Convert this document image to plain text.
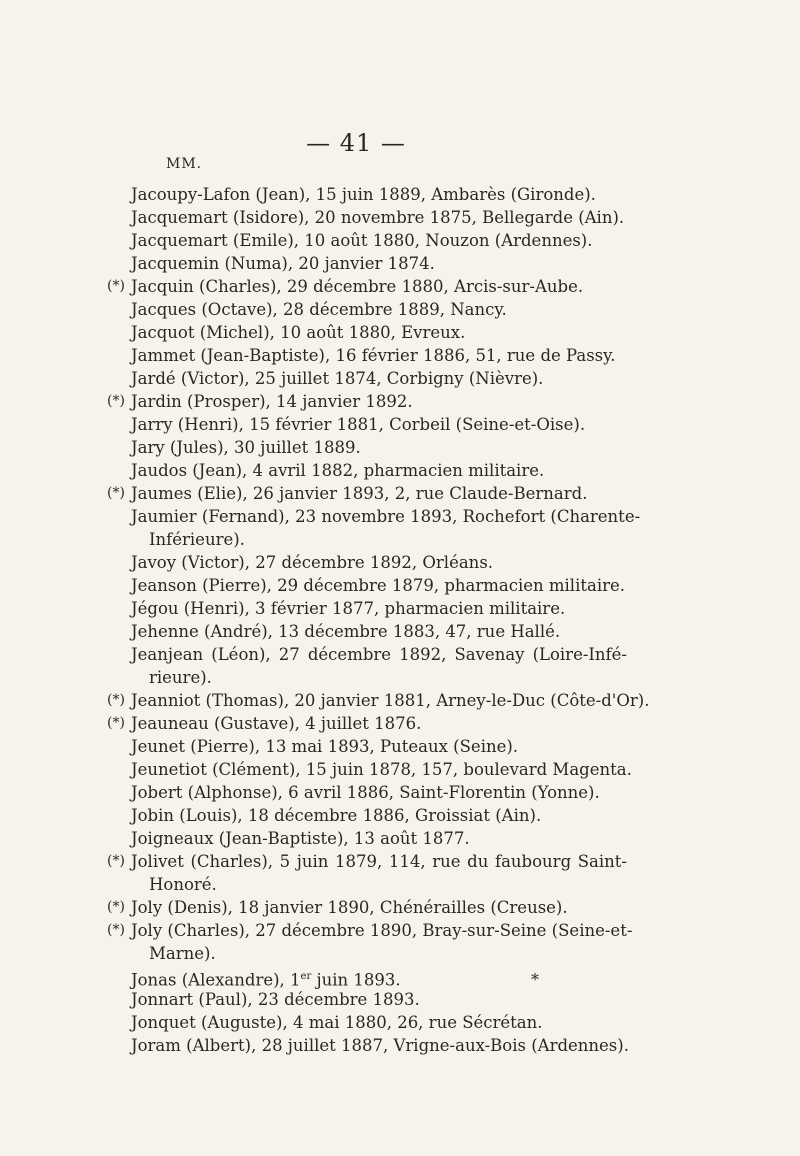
— 41 —
MM.
Jacoupy-Lafon (Jean), 15 juin 1889, Ambarès (Gironde).
Jacquemart (Isidore), 20 novembre 1875, Bellegarde (Ain).
Jacquemart (Emile), 10 août 1880, Nouzon (Ardennes).
Jacquemin (Numa), 20 janvier 1874.
(*) Jacquin (Charles), 29 décembre 1880, Arcis-sur-Aube.
Jacques (Octave), 28 décembre 1889, Nancy.
Jacquot (Michel), 10 août 1880, Evreux.
Jammet (Jean-Baptiste), 16 février 1886, 51, rue de Passy.
Jardé (Victor), 25 juillet 1874, Corbigny (Nièvre).
(*) Jardin (Prosper), 14 janvier 1892.
Jarry (Henri), 15 février 1881, Corbeil (Seine-et-Oise).
Jary (Jules), 30 juillet 1889.
Jaudos (Jean), 4 avril 1882, pharmacien militaire.
(*) Jaumes (Elie), 26 janvier 1893, 2, rue Claude-Bernard.
Jaumier (Fernand), 23 novembre 1893, Rochefort (Charente-
Inférieure).
Javoy (Victor), 27 décembre 1892, Orléans.
Jeanson (Pierre), 29 décembre 1879, pharmacien militaire.
Jégou (Henri), 3 février 1877, pharmacien militaire.
Jehenne (André), 13 décembre 1883, 47, rue Hallé.
Jeanjean (Léon), 27 décembre 1892, Savenay (Loire-Infé-
rieure).
(*) Jeanniot (Thomas), 20 janvier 1881, Arney-le-Duc (Côte-d'Or).
(*) Jeauneau (Gustave), 4 juillet 1876.
Jeunet (Pierre), 13 mai 1893, Puteaux (Seine).
Jeunetiot (Clément), 15 juin 1878, 157, boulevard Magenta.
Jobert (Alphonse), 6 avril 1886, Saint-Florentin (Yonne).
Jobin (Louis), 18 décembre 1886, Groissiat (Ain).
Joigneaux (Jean-Baptiste), 13 août 1877.
(*) Jolivet (Charles), 5 juin 1879, 114, rue du faubourg Saint-
Honoré.
(*) Joly (Denis), 18 janvier 1890, Chénérailles (Creuse).
(*) Joly (Charles), 27 décembre 1890, Bray-sur-Seine (Seine-et-
Marne).
Jonas (Alexandre), 1er juin 1893.
Jonnart (Paul), 23 décembre 1893.
Jonquet (Auguste), 4 mai 1880, 26, rue Sécrétan.
Joram (Albert), 28 juillet 1887, Vrigne-aux-Bois (Ardennes).
*
